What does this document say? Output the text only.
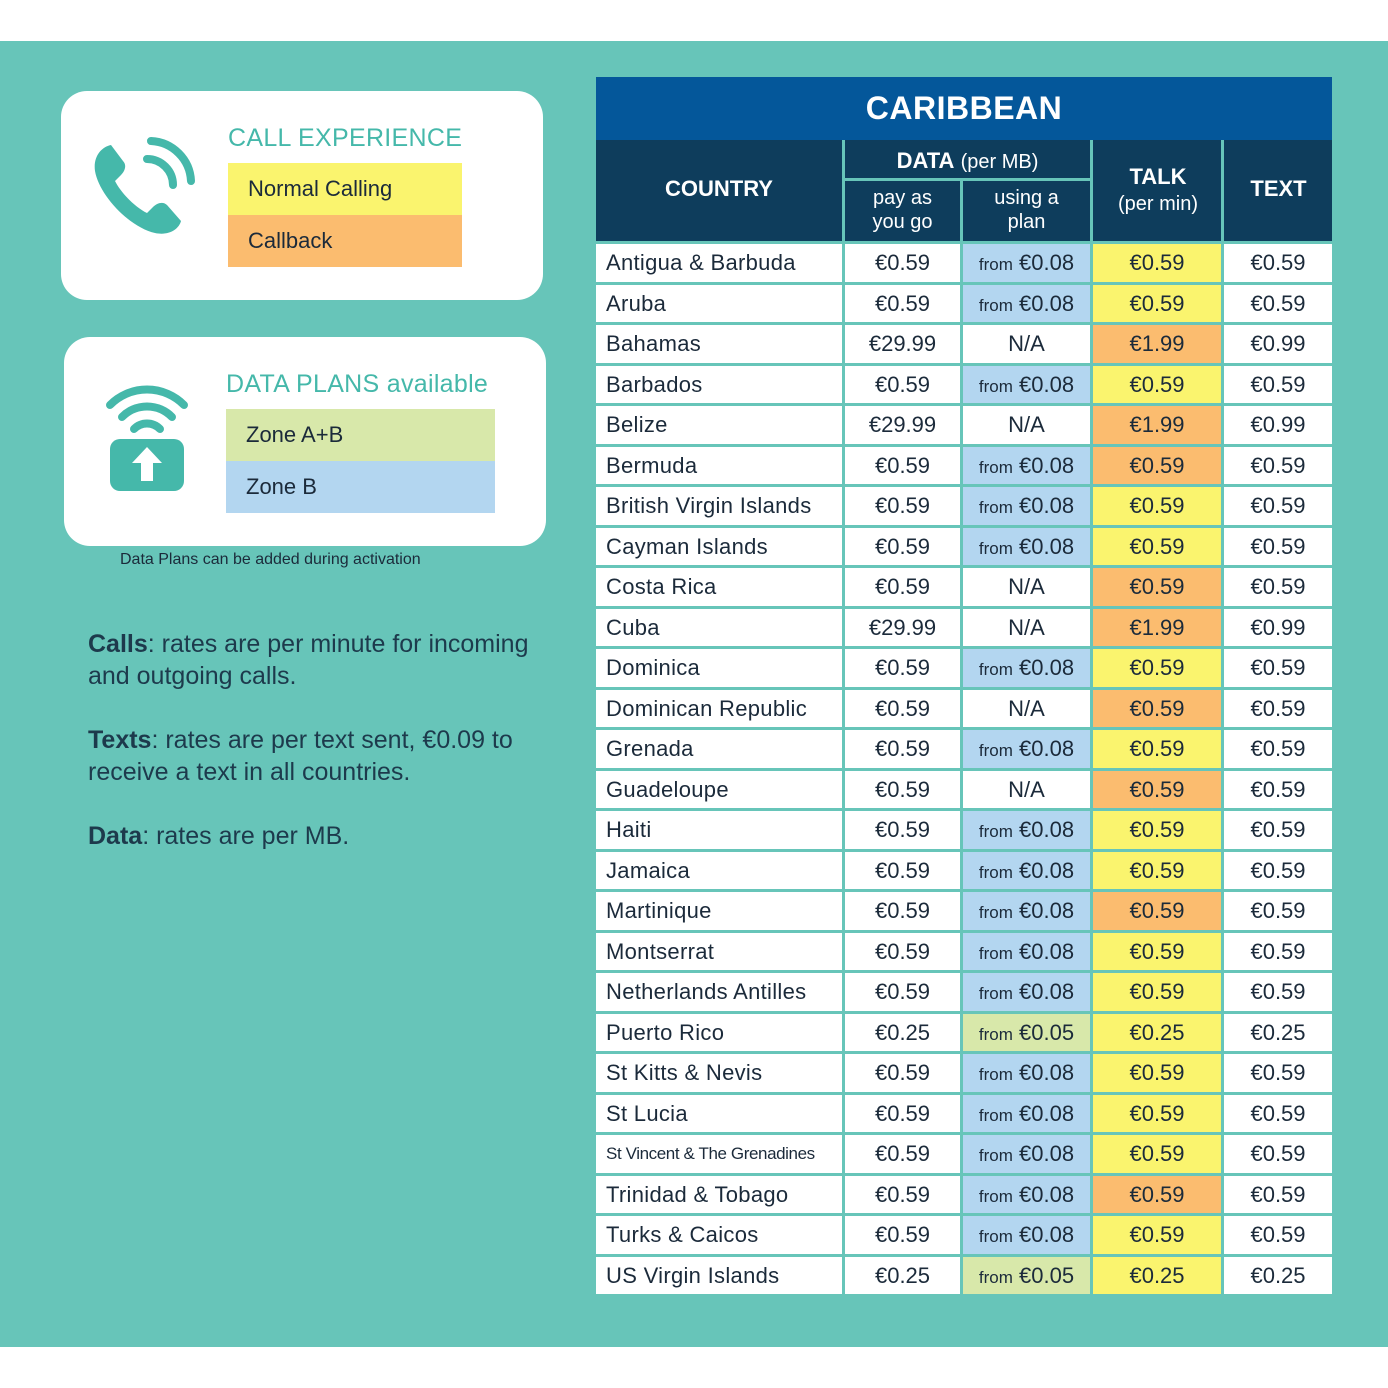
CALL EXPERIENCE
Normal Calling
Callback
DATA PLANS available
Zone A+B
Zone B
Data Plans can be added during activation

Calls: rates are per minute for incoming and outgoing calls.

Texts: rates are per text sent, €0.09 to receive a text in all countries.

Data: rates are per MB.

CARIBBEAN
COUNTRY
DATA (per MB)
pay as
you go
using a
plan
TALK
(per min)
TEXT
Antigua & Barbuda	€0.59	from €0.08	€0.59	€0.59
Aruba	€0.59	from €0.08	€0.59	€0.59
Bahamas	€29.99	N/A	€1.99	€0.99
Barbados	€0.59	from €0.08	€0.59	€0.59
Belize	€29.99	N/A	€1.99	€0.99
Bermuda	€0.59	from €0.08	€0.59	€0.59
British Virgin Islands	€0.59	from €0.08	€0.59	€0.59
Cayman Islands	€0.59	from €0.08	€0.59	€0.59
Costa Rica	€0.59	N/A	€0.59	€0.59
Cuba	€29.99	N/A	€1.99	€0.99
Dominica	€0.59	from €0.08	€0.59	€0.59
Dominican Republic	€0.59	N/A	€0.59	€0.59
Grenada	€0.59	from €0.08	€0.59	€0.59
Guadeloupe	€0.59	N/A	€0.59	€0.59
Haiti	€0.59	from €0.08	€0.59	€0.59
Jamaica	€0.59	from €0.08	€0.59	€0.59
Martinique	€0.59	from €0.08	€0.59	€0.59
Montserrat	€0.59	from €0.08	€0.59	€0.59
Netherlands Antilles	€0.59	from €0.08	€0.59	€0.59
Puerto Rico	€0.25	from €0.05	€0.25	€0.25
St Kitts & Nevis	€0.59	from €0.08	€0.59	€0.59
St Lucia	€0.59	from €0.08	€0.59	€0.59
St Vincent & The Grenadines	€0.59	from €0.08	€0.59	€0.59
Trinidad & Tobago	€0.59	from €0.08	€0.59	€0.59
Turks & Caicos	€0.59	from €0.08	€0.59	€0.59
US Virgin Islands	€0.25	from €0.05	€0.25	€0.25
